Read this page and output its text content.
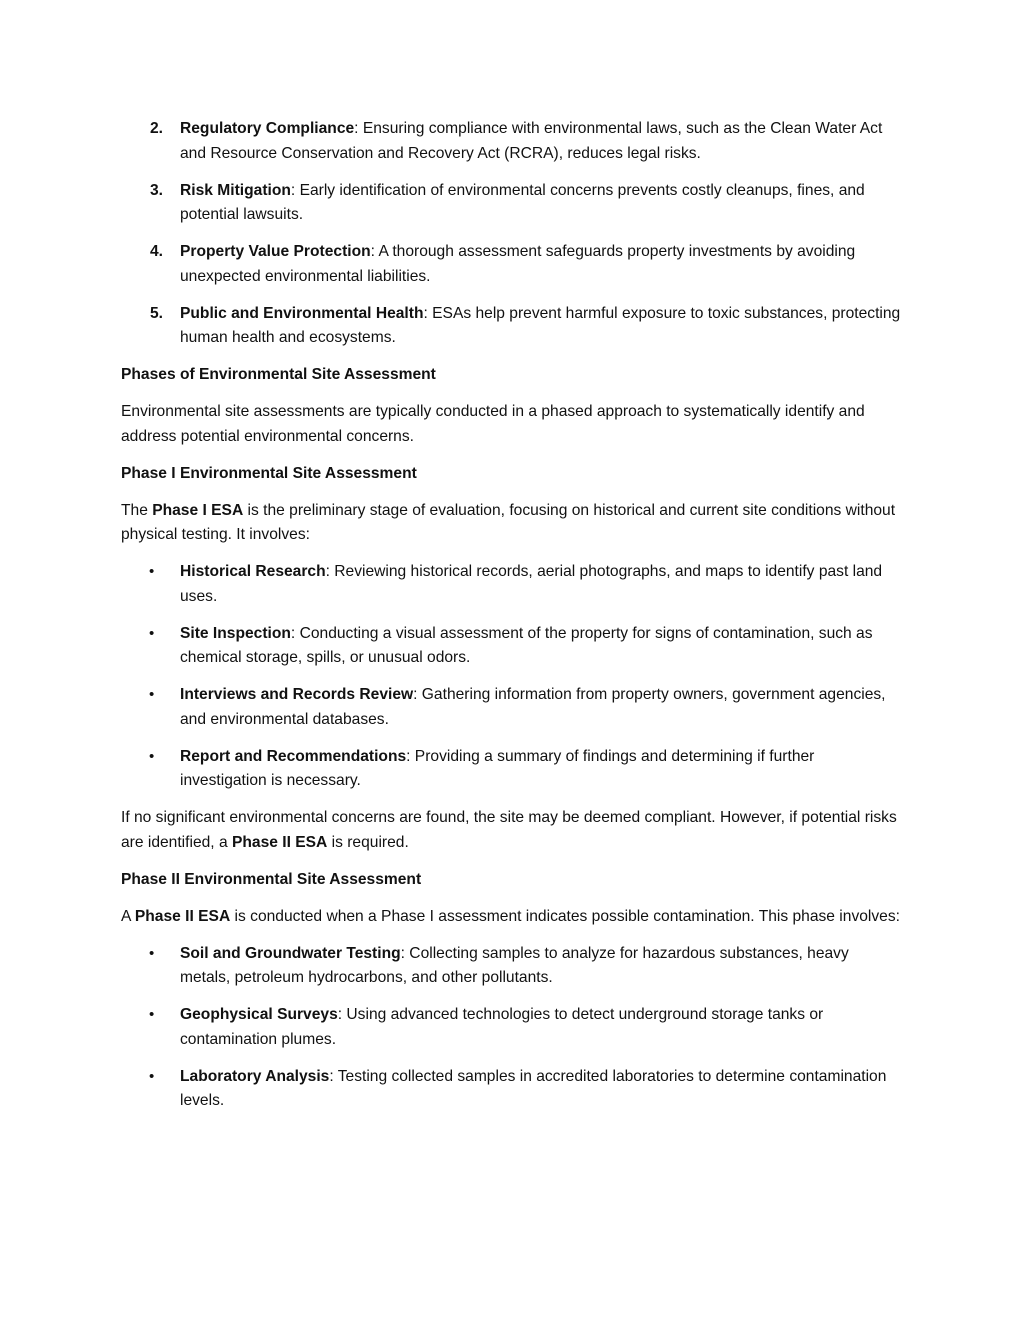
2. Regulatory Compliance: Ensuring compliance with environmental laws, such as the Clean Water Act and Resource Conservation and Recovery Act (RCRA), reduces legal risks.
3. Risk Mitigation: Early identification of environmental concerns prevents costly cleanups, fines, and potential lawsuits.
4. Property Value Protection: A thorough assessment safeguards property investments by avoiding unexpected environmental liabilities.
5. Public and Environmental Health: ESAs help prevent harmful exposure to toxic substances, protecting human health and ecosystems.

Phases of Environmental Site Assessment

Environmental site assessments are typically conducted in a phased approach to systematically identify and address potential environmental concerns.

Phase I Environmental Site Assessment

The Phase I ESA is the preliminary stage of evaluation, focusing on historical and current site conditions without physical testing. It involves:

• Historical Research: Reviewing historical records, aerial photographs, and maps to identify past land uses.
• Site Inspection: Conducting a visual assessment of the property for signs of contamination, such as chemical storage, spills, or unusual odors.
• Interviews and Records Review: Gathering information from property owners, government agencies, and environmental databases.
• Report and Recommendations: Providing a summary of findings and determining if further investigation is necessary.

If no significant environmental concerns are found, the site may be deemed compliant. However, if potential risks are identified, a Phase II ESA is required.

Phase II Environmental Site Assessment

A Phase II ESA is conducted when a Phase I assessment indicates possible contamination. This phase involves:

• Soil and Groundwater Testing: Collecting samples to analyze for hazardous substances, heavy metals, petroleum hydrocarbons, and other pollutants.
• Geophysical Surveys: Using advanced technologies to detect underground storage tanks or contamination plumes.
• Laboratory Analysis: Testing collected samples in accredited laboratories to determine contamination levels.
